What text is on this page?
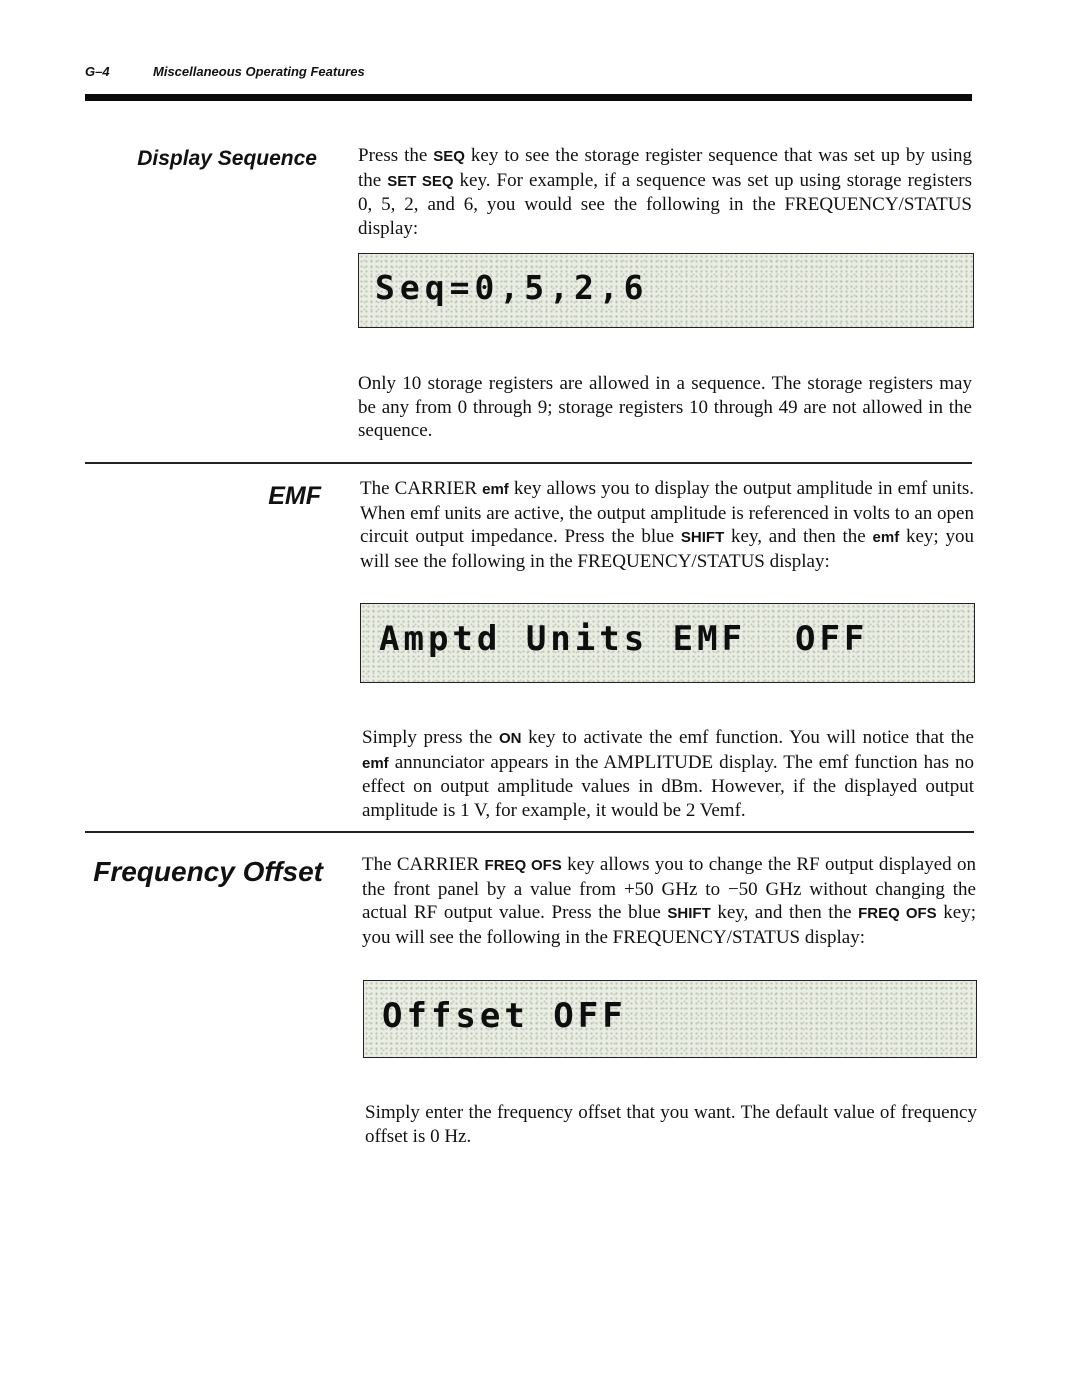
G–4	Miscellaneous Operating Features
Display Sequence Press the SEQ key to see the storage register sequence that was set up by using the SET SEQ key. For example, if a sequence was set up using storage registers 0, 5, 2, and 6, you would see the following in the FREQUENCY/STATUS display:
Seq=0,5,2,6
Only 10 storage registers are allowed in a sequence. The storage registers may be any from 0 through 9; storage registers 10 through 49 are not allowed in the sequence.
EMF The CARRIER emf key allows you to display the output amplitude in emf units. When emf units are active, the output amplitude is referenced in volts to an open circuit output impedance. Press the blue SHIFT key, and then the emf key; you will see the following in the FREQUENCY/STATUS display:
Amptd Units EMF  OFF
Simply press the ON key to activate the emf function. You will notice that the emf annunciator appears in the AMPLITUDE display. The emf function has no effect on output amplitude values in dBm. However, if the displayed output amplitude is 1 V, for example, it would be 2 Vemf.
Frequency Offset The CARRIER FREQ OFS key allows you to change the RF output displayed on the front panel by a value from +50 GHz to −50 GHz without changing the actual RF output value. Press the blue SHIFT key, and then the FREQ OFS key; you will see the following in the FREQUENCY/STATUS display:
Offset OFF
Simply enter the frequency offset that you want. The default value of frequency offset is 0 Hz.
